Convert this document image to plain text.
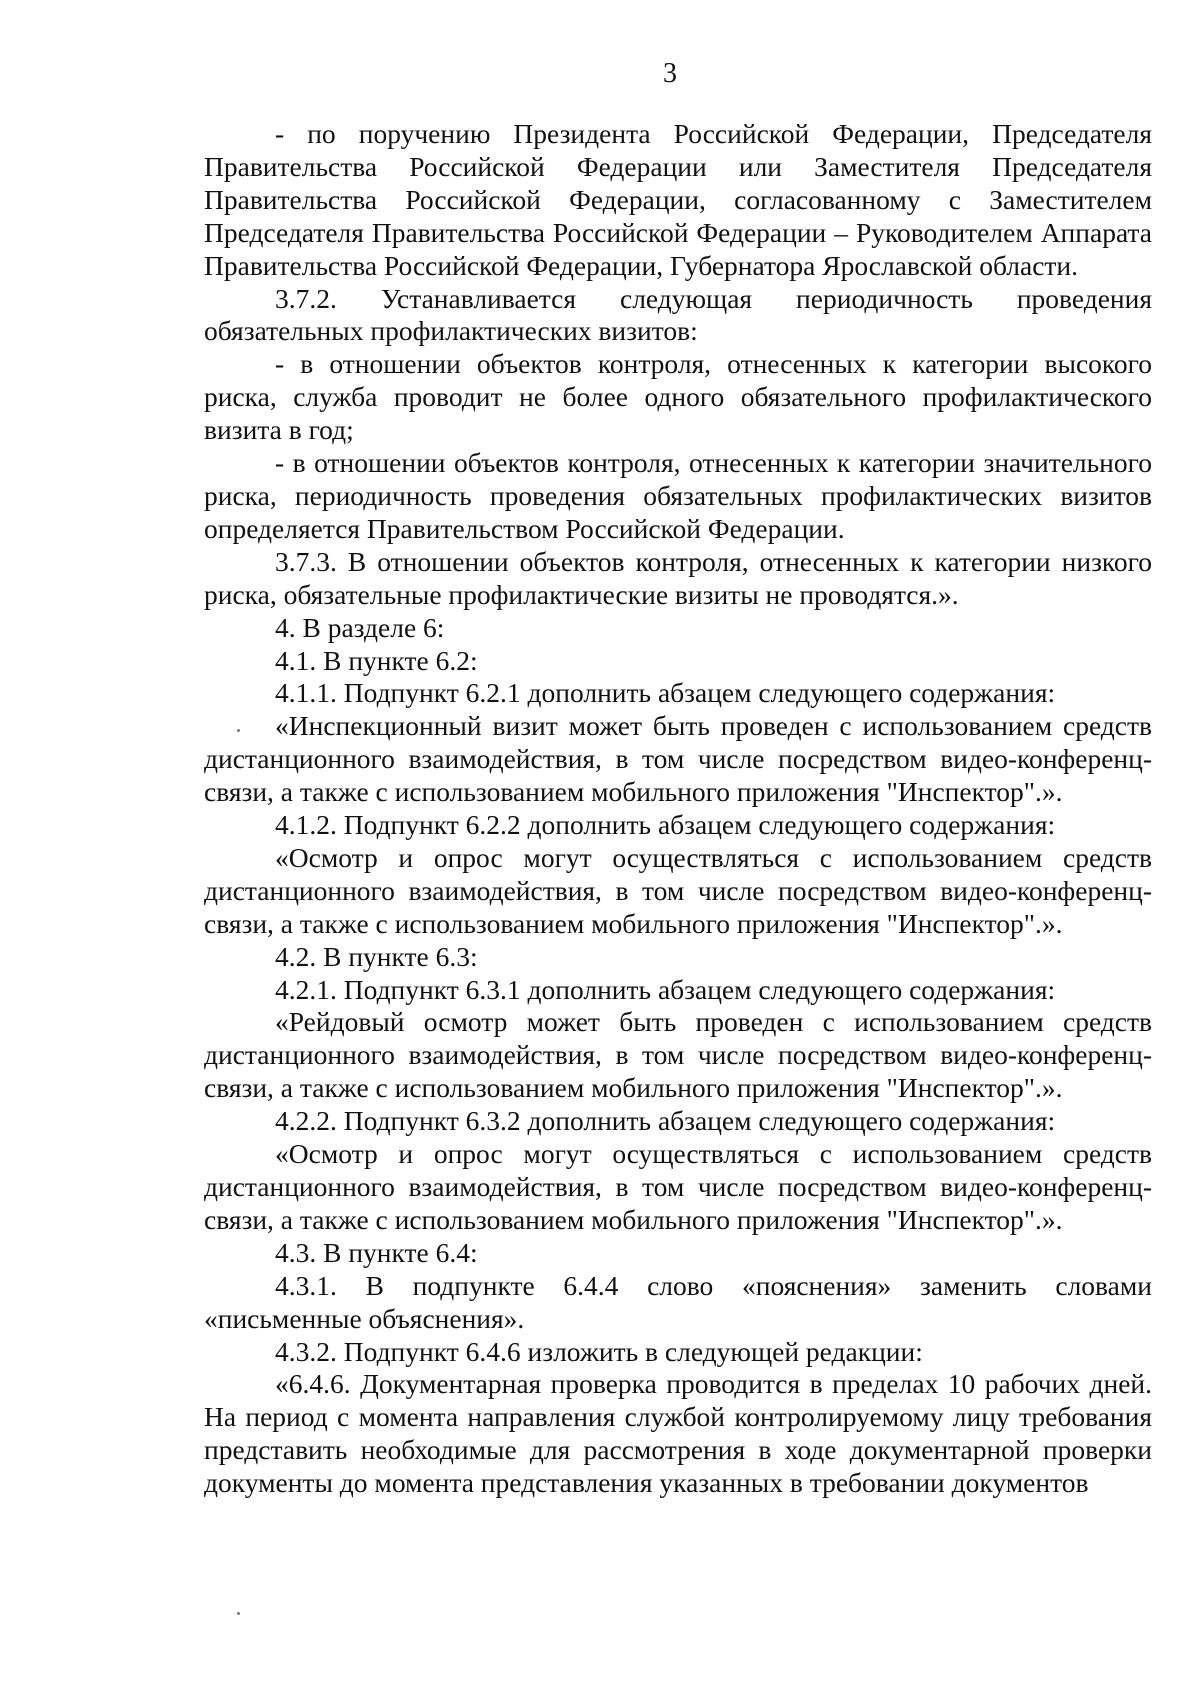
3

- по поручению Президента Российской Федерации, Председателя Правительства Российской Федерации или Заместителя Председателя Правительства Российской Федерации, согласованному с Заместителем Председателя Правительства Российской Федерации – Руководителем Аппарата Правительства Российской Федерации, Губернатора Ярославской области.

3.7.2. Устанавливается следующая периодичность проведения обязательных профилактических визитов:

- в отношении объектов контроля, отнесенных к категории высокого риска, служба проводит не более одного обязательного профилактического визита в год;

- в отношении объектов контроля, отнесенных к категории значительного риска, периодичность проведения обязательных профилактических визитов определяется Правительством Российской Федерации.

3.7.3. В отношении объектов контроля, отнесенных к категории низкого риска, обязательные профилактические визиты не проводятся.».

4. В разделе 6:

4.1. В пункте 6.2:

4.1.1. Подпункт 6.2.1 дополнить абзацем следующего содержания:

«Инспекционный визит может быть проведен с использованием средств дистанционного взаимодействия, в том числе посредством видео-конференц-связи, а также с использованием мобильного приложения "Инспектор".».

4.1.2. Подпункт 6.2.2 дополнить абзацем следующего содержания:

«Осмотр и опрос могут осуществляться с использованием средств дистанционного взаимодействия, в том числе посредством видео-конференц-связи, а также с использованием мобильного приложения "Инспектор".».

4.2. В пункте 6.3:

4.2.1. Подпункт 6.3.1 дополнить абзацем следующего содержания:

«Рейдовый осмотр может быть проведен с использованием средств дистанционного взаимодействия, в том числе посредством видео-конференц-связи, а также с использованием мобильного приложения "Инспектор".».

4.2.2. Подпункт 6.3.2 дополнить абзацем следующего содержания:

«Осмотр и опрос могут осуществляться с использованием средств дистанционного взаимодействия, в том числе посредством видео-конференц-связи, а также с использованием мобильного приложения "Инспектор".».

4.3. В пункте 6.4:

4.3.1. В подпункте 6.4.4 слово «пояснения» заменить словами «письменные объяснения».

4.3.2. Подпункт 6.4.6 изложить в следующей редакции:

«6.4.6. Документарная проверка проводится в пределах 10 рабочих дней. На период с момента направления службой контролируемому лицу требования представить необходимые для рассмотрения в ходе документарной проверки документы до момента представления указанных в требовании документов
